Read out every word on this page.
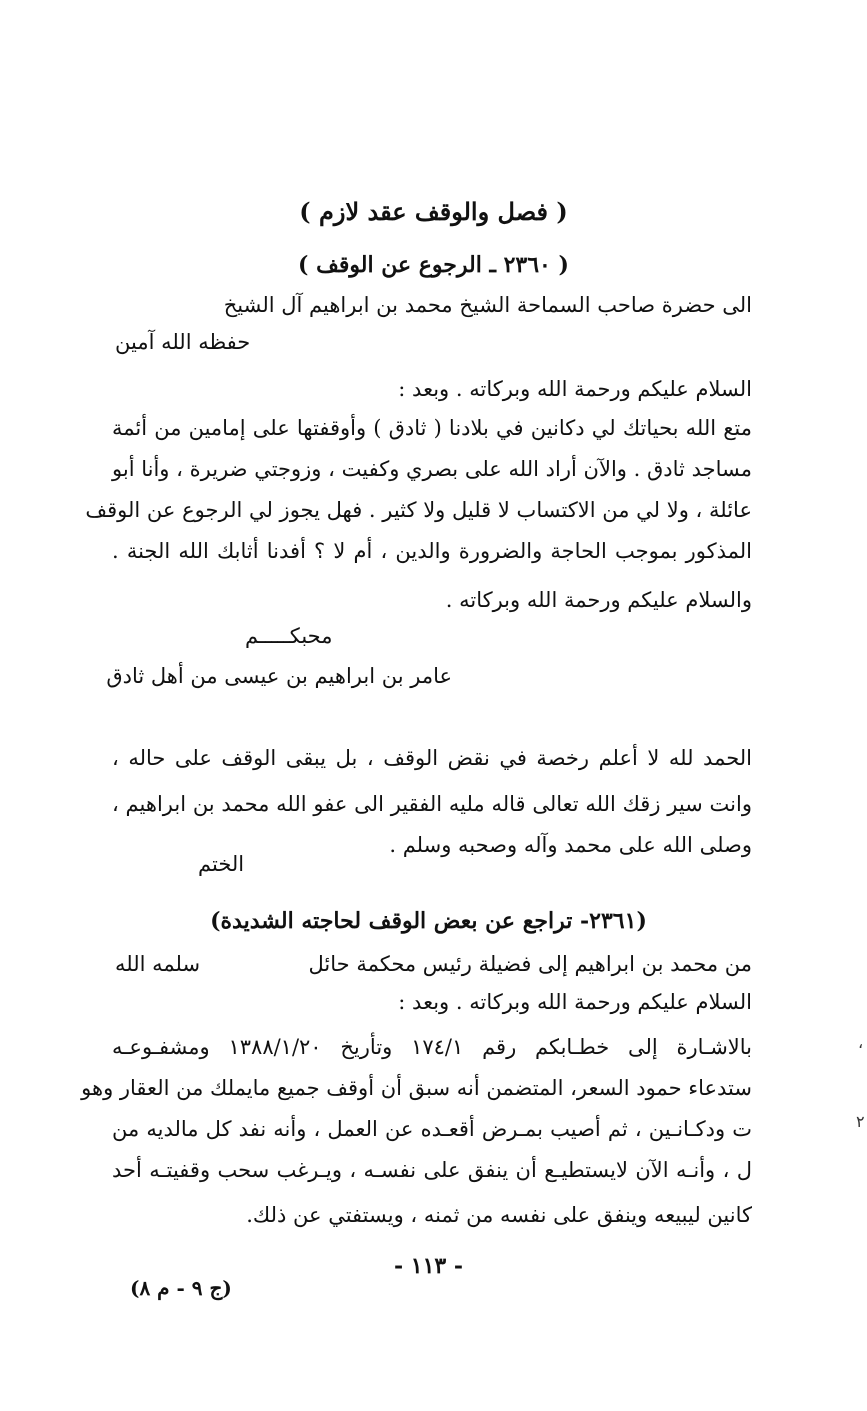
( فصل والوقف عقد لازم )
( ٢٣٦٠ ـ الرجوع عن الوقف )
الى حضرة صاحب السماحة الشيخ محمد بن ابراهيم آل الشيخ
حفظه الله آمين
السلام عليكم ورحمة الله وبركاته . وبعد :
متع الله بحياتك لي دكانين في بلادنا ( ثادق ) وأوقفتها على إمامين من أئمة
مساجد ثادق . والآن أراد الله على بصري وكفيت ، وزوجتي ضريرة ، وأنا أبو
عائلة ، ولا لي من الاكتساب لا قليل ولا كثير . فهل يجوز لي الرجوع عن الوقف
المذكور بموجب الحاجة والضرورة والدين ، أم لا ؟ أفدنا أثابك الله الجنة .
والسلام عليكم ورحمة الله وبركاته .
محبكـــــم
عامر بن ابراهيم بن عيسى من أهل ثادق
الحمد لله لا أعلم رخصة في نقض الوقف ، بل يبقى الوقف على حاله ،
وانت سير زقك الله تعالى قاله مليه الفقير الى عفو الله محمد بن ابراهيم ،
وصلى الله على محمد وآله وصحبه وسلم .
الختم
(٢٣٦١- تراجع عن بعض الوقف لحاجته الشديدة)
من محمد بن ابراهيم إلى فضيلة رئيس محكمة حائل
سلمه الله
السلام عليكم ورحمة الله وبركاته . وبعد :
بالاشـارة إلى خطـابكم رقم ١٧٤/١ وتأريخ ١٣٨٨/١/٢٠ ومشفـوعـه
ستدعاء حمود السعر، المتضمن أنه سبق أن أوقف جميع مايملك من العقار وهو
ت ودكـانـين ، ثم أصيب بمـرض أقعـده عن العمل ، وأنه نفد كل مالديه من
ل ، وأنـه الآن لايستطيـع أن ينفق على نفسـه ، ويـرغب سحب وقفيتـه أحد
كانين ليبيعه وينفق على نفسه من ثمنه ، ويستفتي عن ذلك.
- ١١٣ -
(ج ٩ - م ٨)
،
٢
